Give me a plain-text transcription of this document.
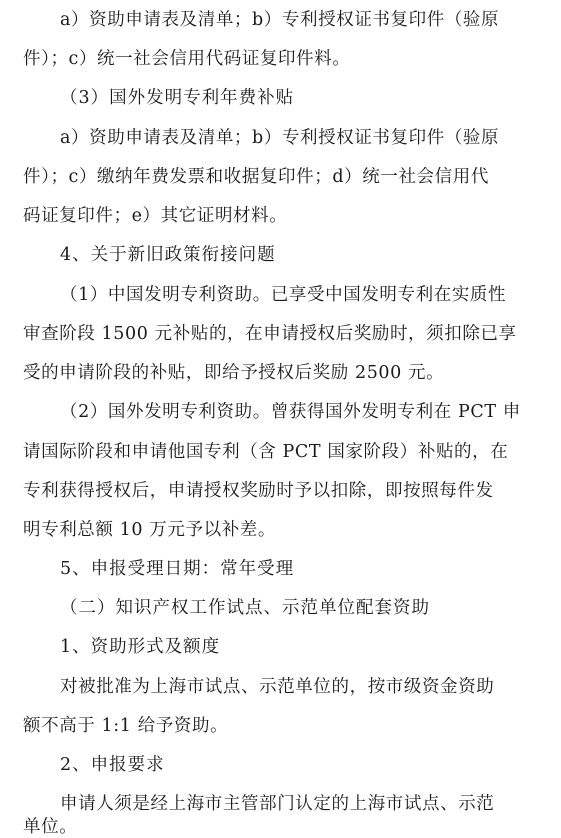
a）资助申请表及清单；b）专利授权证书复印件（验原
件）；c）统一社会信用代码证复印件料。
（3）国外发明专利年费补贴
a）资助申请表及清单；b）专利授权证书复印件（验原
件）；c）缴纳年费发票和收据复印件；d）统一社会信用代
码证复印件；e）其它证明材料。
4、关于新旧政策衔接问题
（1）中国发明专利资助。已享受中国发明专利在实质性
审查阶段 1500 元补贴的，在申请授权后奖励时，须扣除已享
受的申请阶段的补贴，即给予授权后奖励 2500 元。
（2）国外发明专利资助。曾获得国外发明专利在 PCT 申
请国际阶段和申请他国专利（含 PCT 国家阶段）补贴的，在
专利获得授权后，申请授权奖励时予以扣除，即按照每件发
明专利总额 10 万元予以补差。
5、申报受理日期：常年受理
（二）知识产权工作试点、示范单位配套资助
1、资助形式及额度
对被批准为上海市试点、示范单位的，按市级资金资助
额不高于 1:1 给予资助。
2、申报要求
申请人须是经上海市主管部门认定的上海市试点、示范
单位。
